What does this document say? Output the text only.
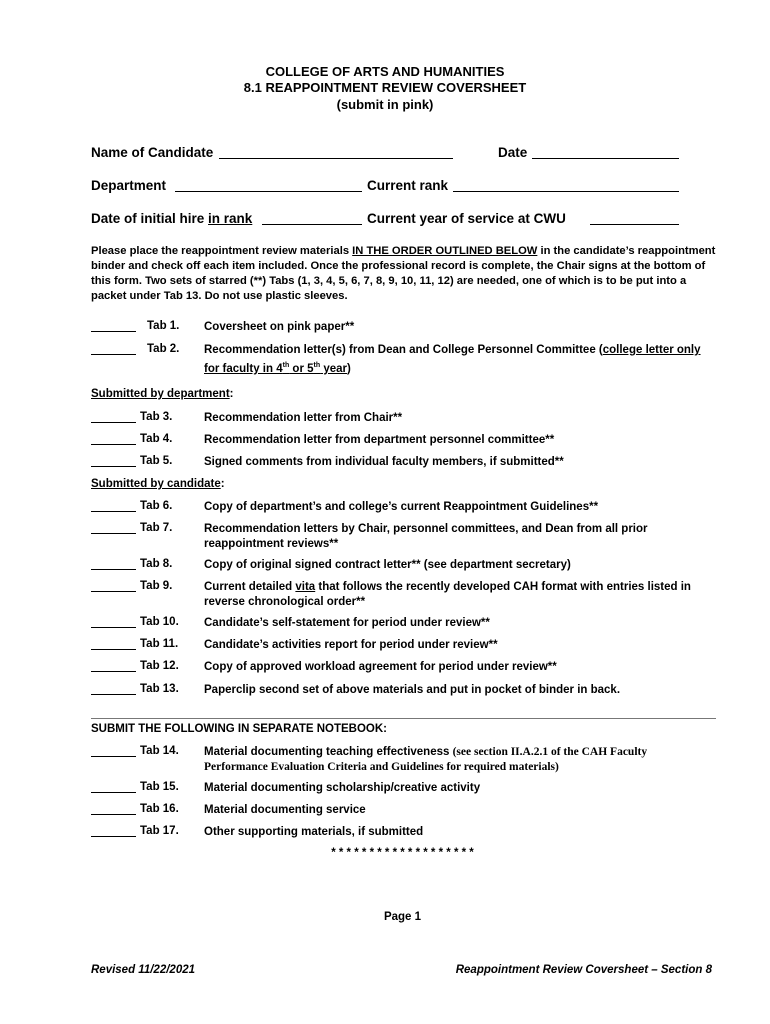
COLLEGE OF ARTS AND HUMANITIES
8.1 REAPPOINTMENT REVIEW COVERSHEET
(submit in pink)
Name of Candidate	Date
Department	Current rank
Date of initial hire in rank	Current year of service at CWU
Please place the reappointment review materials IN THE ORDER OUTLINED BELOW in the candidate’s reappointment binder and check off each item included. Once the professional record is complete, the Chair signs at the bottom of this form. Two sets of starred (**) Tabs (1, 3, 4, 5, 6, 7, 8, 9, 10, 11, 12) are needed, one of which is to be put into a packet under Tab 13. Do not use plastic sleeves.
Tab 1. Coversheet on pink paper**
Tab 2. Recommendation letter(s) from Dean and College Personnel Committee (college letter only for faculty in 4th or 5th year)
Submitted by department:
Tab 3.	Recommendation letter from Chair**
Tab 4.	Recommendation letter from department personnel committee**
Tab 5.	Signed comments from individual faculty members, if submitted**
Submitted by candidate:
Tab 6.	Copy of department’s and college’s current Reappointment Guidelines**
Tab 7.	Recommendation letters by Chair, personnel committees, and Dean from all prior reappointment reviews**
Tab 8.	Copy of original signed contract letter** (see department secretary)
Tab 9.	Current detailed vita that follows the recently developed CAH format with entries listed in reverse chronological order**
Tab 10. Candidate’s self-statement for period under review**
Tab 11. Candidate’s activities report for period under review**
Tab 12. Copy of approved workload agreement for period under review**
Tab 13. Paperclip second set of above materials and put in pocket of binder in back.
SUBMIT THE FOLLOWING IN SEPARATE NOTEBOOK:
Tab 14. Material documenting teaching effectiveness (see section II.A.2.1 of the CAH Faculty Performance Evaluation Criteria and Guidelines for required materials)
Tab 15. Material documenting scholarship/creative activity
Tab 16. Material documenting service
Tab 17. Other supporting materials, if submitted
* * * * * * * * * * * * * * * * * * *
Page 1
Revised 11/22/2021	Reappointment Review Coversheet – Section 8
